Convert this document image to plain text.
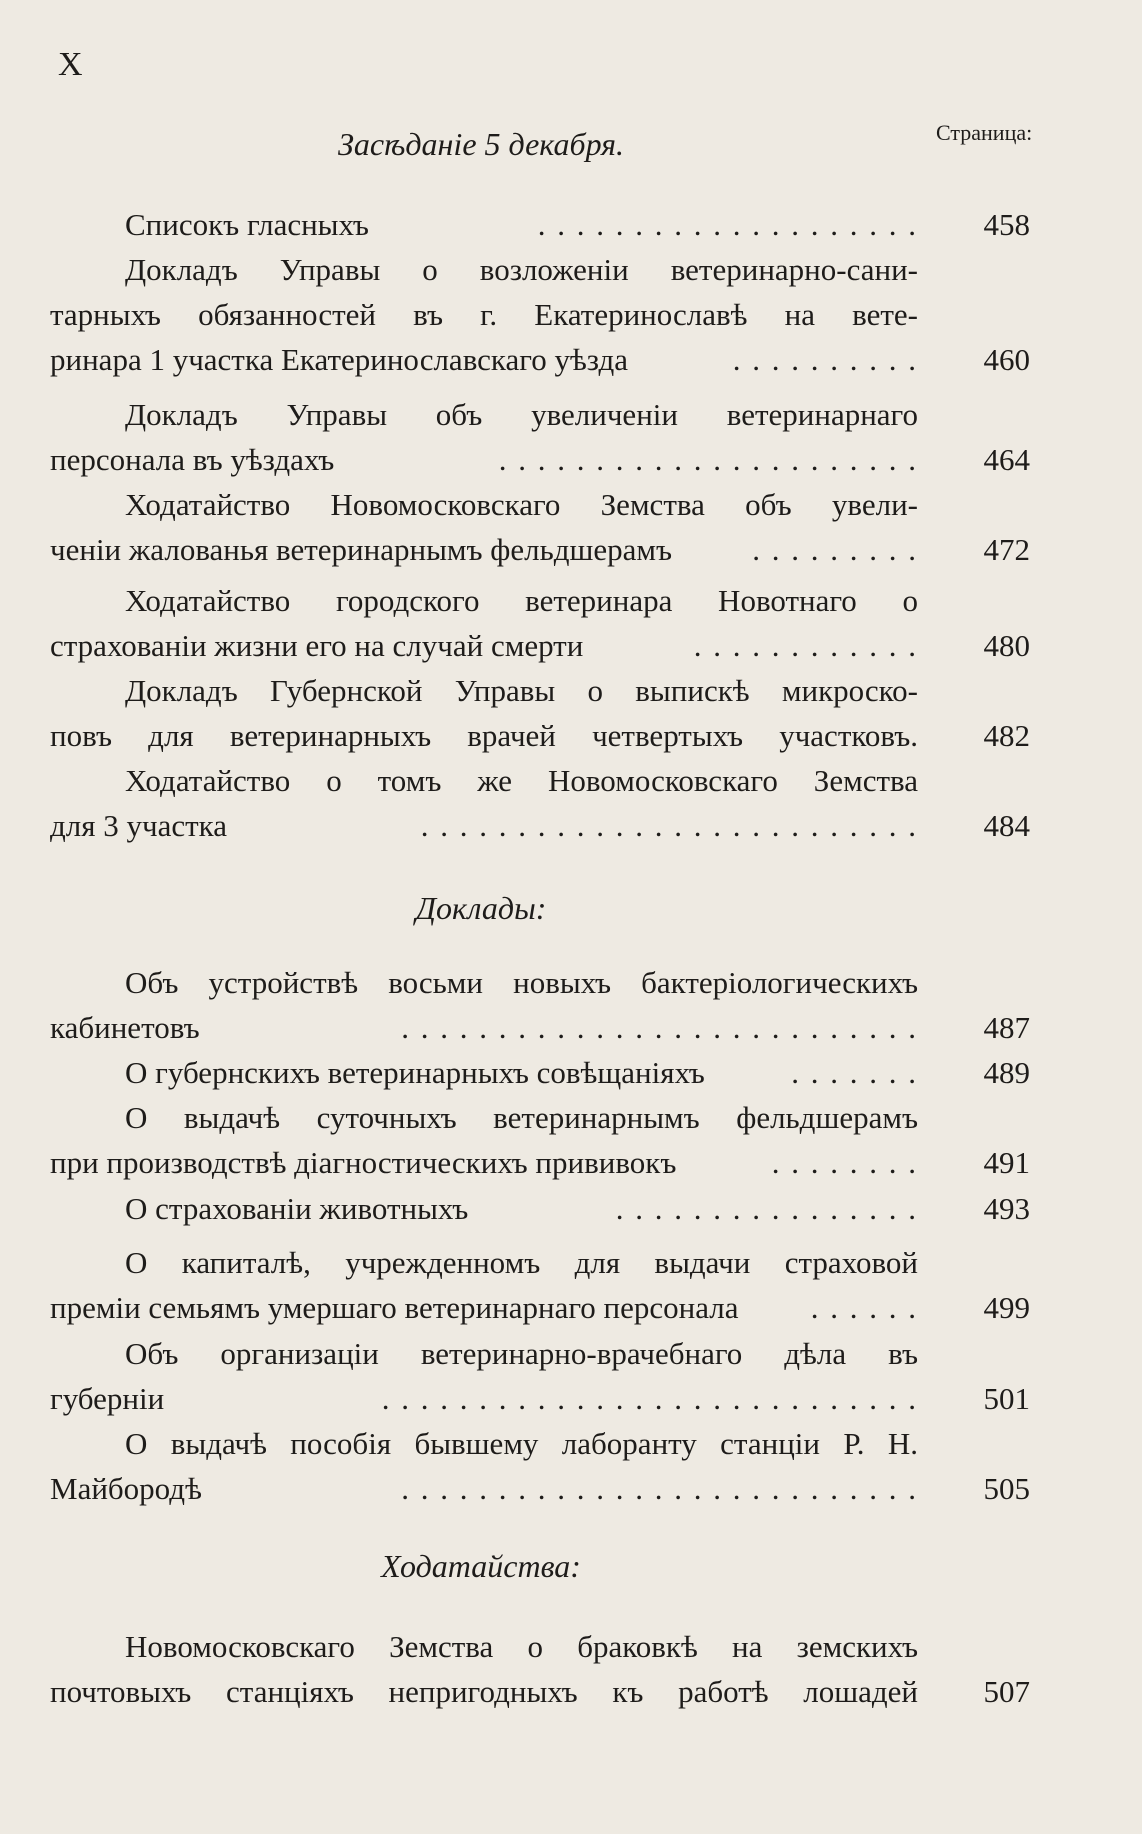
X
Страница:
Засѣданіе 5 декабря.
Списокъ гласныхъ	. . . . . . . . . . . . . . . . . . . .	458
Докладъ Управы о возложеніи ветеринарно-сани-
тарныхъ обязанностей въ г. Екатеринославѣ на вете-
ринара 1 участка Екатеринославскаго уѣзда	. . . . . . . . . .	460
Докладъ Управы объ увеличеніи ветеринарнаго
персонала въ уѣздахъ	. . . . . . . . . . . . . . . . . . . . . .	464
Ходатайство Новомосковскаго Земства объ увели-
ченіи жалованья ветеринарнымъ фельдшерамъ	. . . . . . . . .	472
Ходатайство городского ветеринара Новотнаго о
страхованіи жизни его на случай смерти	. . . . . . . . . . . .	480
Докладъ Губернской Управы о выпискѣ микроско-
повъ для ветеринарныхъ врачей четвертыхъ участковъ.	482
Ходатайство о томъ же Новомосковскаго Земства
для 3 участка	. . . . . . . . . . . . . . . . . . . . . . . . . .	484
Доклады:
Объ устройствѣ восьми новыхъ бактеріологическихъ
кабинетовъ	. . . . . . . . . . . . . . . . . . . . . . . . . . .	487
О губернскихъ ветеринарныхъ совѣщаніяхъ	. . . . . . .	489
О выдачѣ суточныхъ ветеринарнымъ фельдшерамъ
при производствѣ діагностическихъ прививокъ	. . . . . . . .	491
О страхованіи животныхъ	. . . . . . . . . . . . . . . .	493
О капиталѣ, учрежденномъ для выдачи страховой
преміи семьямъ умершаго ветеринарнаго персонала	. . . . . .	499
Объ организаціи ветеринарно-врачебнаго дѣла въ
губерніи	. . . . . . . . . . . . . . . . . . . . . . . . . . . .	501
О выдачѣ пособія бывшему лаборанту станціи Р. Н.
Майбородѣ	. . . . . . . . . . . . . . . . . . . . . . . . . . .	505
Ходатайства:
Новомосковскаго Земства о браковкѣ на земскихъ
почтовыхъ станціяхъ непригодныхъ къ работѣ лошадей	507
